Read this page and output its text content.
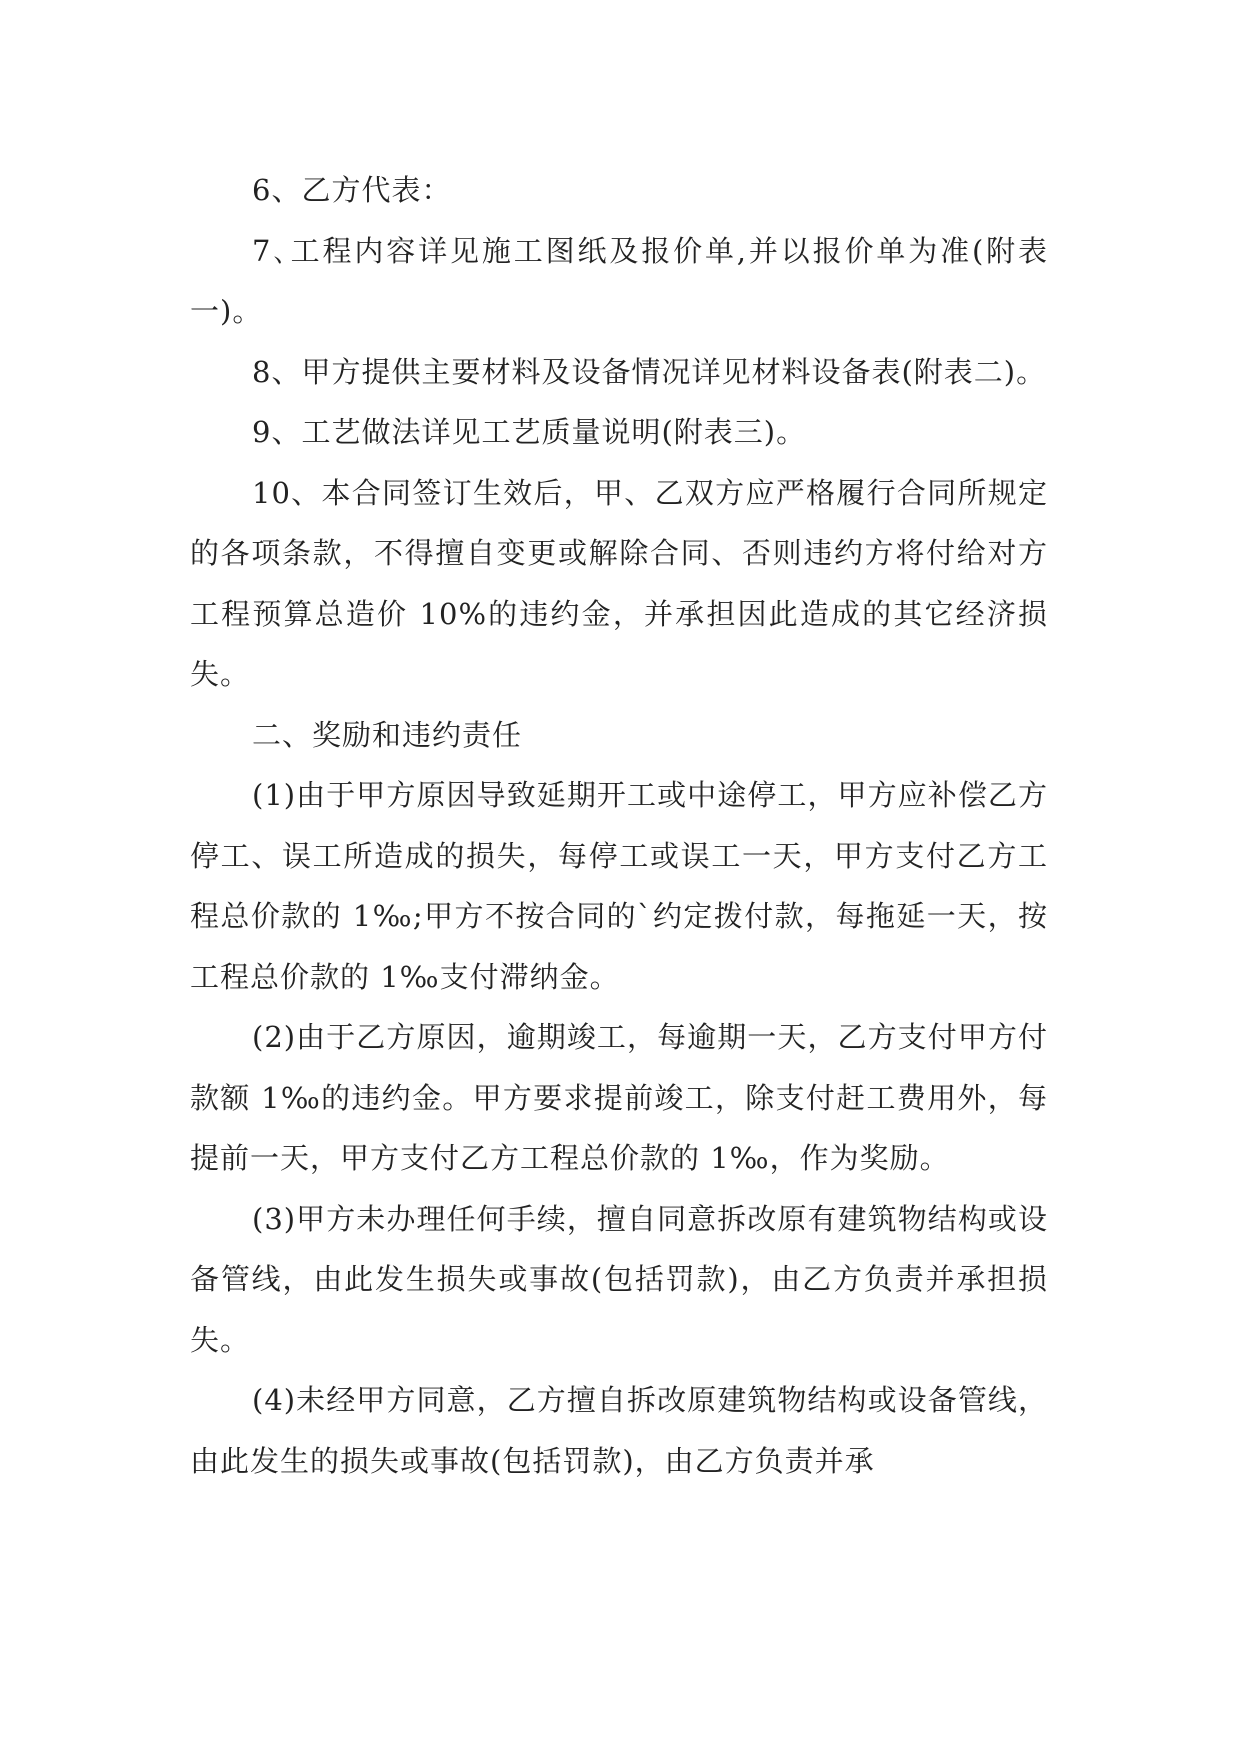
6、乙方代表：

7､工程内容详见施工图纸及报价单,并以报价单为准(附表一)。

8、甲方提供主要材料及设备情况详见材料设备表(附表二)。

9、工艺做法详见工艺质量说明(附表三)。

10、本合同签订生效后，甲、乙双方应严格履行合同所规定的各项条款，不得擅自变更或解除合同、否则违约方将付给对方工程预算总造价 10%的违约金，并承担因此造成的其它经济损失。

二、奖励和违约责任

(1)由于甲方原因导致延期开工或中途停工，甲方应补偿乙方停工、误工所造成的损失，每停工或误工一天，甲方支付乙方工程总价款的 1‰;甲方不按合同的`约定拨付款，每拖延一天，按工程总价款的 1‰支付滞纳金。

(2)由于乙方原因，逾期竣工，每逾期一天，乙方支付甲方付款额 1‰的违约金。甲方要求提前竣工，除支付赶工费用外，每提前一天，甲方支付乙方工程总价款的 1‰，作为奖励。

(3)甲方未办理任何手续，擅自同意拆改原有建筑物结构或设备管线，由此发生损失或事故(包括罚款)，由乙方负责并承担损失。

(4)未经甲方同意，乙方擅自拆改原建筑物结构或设备管线，由此发生的损失或事故(包括罚款)，由乙方负责并承
